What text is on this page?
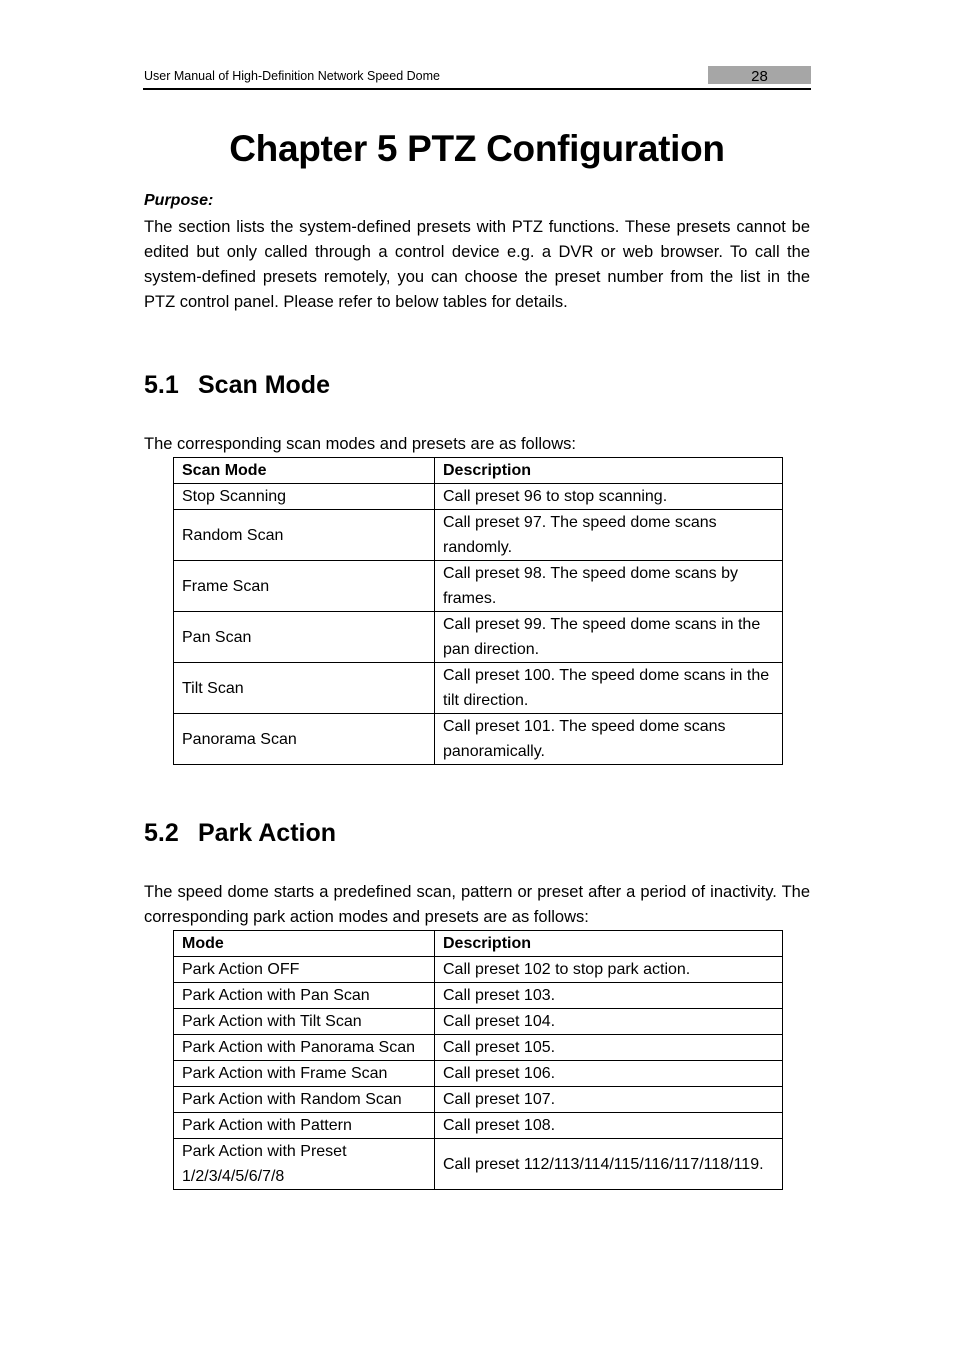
User Manual of High-Definition Network Speed Dome	28
Chapter 5 PTZ Configuration
Purpose:
The section lists the system-defined presets with PTZ functions. These presets cannot be edited but only called through a control device e.g. a DVR or web browser. To call the system-defined presets remotely, you can choose the preset number from the list in the PTZ control panel. Please refer to below tables for details.
5.1 Scan Mode
The corresponding scan modes and presets are as follows:
Scan Mode	Description
Stop Scanning	Call preset 96 to stop scanning.
Random Scan	Call preset 97. The speed dome scans randomly.
Frame Scan	Call preset 98. The speed dome scans by frames.
Pan Scan	Call preset 99. The speed dome scans in the pan direction.
Tilt Scan	Call preset 100. The speed dome scans in the tilt direction.
Panorama Scan	Call preset 101. The speed dome scans panoramically.
5.2 Park Action
The speed dome starts a predefined scan, pattern or preset after a period of inactivity. The corresponding park action modes and presets are as follows:
Mode	Description
Park Action OFF	Call preset 102 to stop park action.
Park Action with Pan Scan	Call preset 103.
Park Action with Tilt Scan	Call preset 104.
Park Action with Panorama Scan	Call preset 105.
Park Action with Frame Scan	Call preset 106.
Park Action with Random Scan	Call preset 107.
Park Action with Pattern	Call preset 108.
Park Action with Preset 1/2/3/4/5/6/7/8	Call preset 112/113/114/115/116/117/118/119.
